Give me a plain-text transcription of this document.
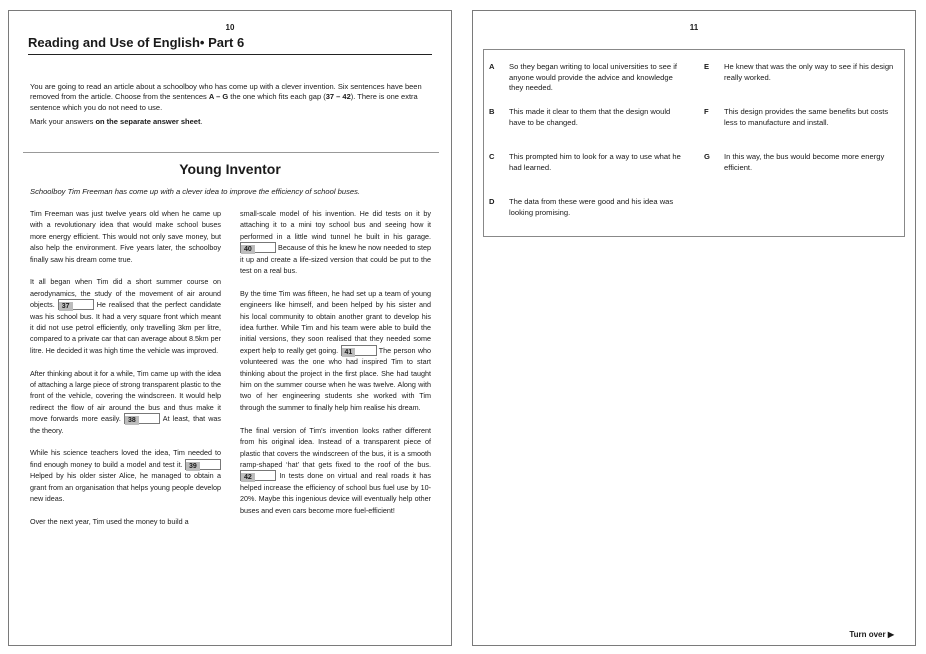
10
Reading and Use of English• Part 6

You are going to read an article about a schoolboy who has come up with a clever invention. Six sentences have been removed from the article. Choose from the sentences A – G the one which fits each gap (37 – 42). There is one extra sentence which you do not need to use.

Mark your answers on the separate answer sheet.

Young Inventor
Schoolboy Tim Freeman has come up with a clever idea to improve the efficiency of school buses.

Tim Freeman was just twelve years old when he came up with a revolutionary idea that would make school buses more energy efficient. This would not only save money, but also help the environment. Five years later, the schoolboy finally saw his dream come true.

It all began when Tim did a short summer course on aerodynamics, the study of the movement of air around objects. 37	He realised that the perfect candidate was his school bus. It had a very square front which meant it did not use petrol efficiently, only travelling 3km per litre, compared to a private car that can average about 8.5km per litre. He decided it was high time the vehicle was improved.

After thinking about it for a while, Tim came up with the idea of attaching a large piece of strong transparent plastic to the front of the vehicle, covering the windscreen. It would help redirect the flow of air around the bus and thus make it move forwards more easily. 38	At least, that was the theory.

While his science teachers loved the idea, Tim needed to find enough money to build a model and test it. 39 Helped by his older sister Alice, he managed to obtain a grant from an organisation that helps young people develop new ideas.

Over the next year, Tim used the money to build a

small-scale model of his invention. He did tests on it by attaching it to a mini toy school bus and seeing how it performed in a little wind tunnel he built in his garage. 40	Because of this he knew he now needed to step it up and create a life-sized version that could be put to the test on a real bus.

By the time Tim was fifteen, he had set up a team of young engineers like himself, and been helped by his sister and his local community to obtain another grant to develop his idea further. While Tim and his team were able to build the initial versions, they soon realised that they needed some expert help to really get going. 41	The person who volunteered was the one who had inspired Tim to start thinking about the project in the first place. She had taught him on the summer course when he was twelve. Along with two of her engineering students she worked with Tim through the summer to finally help him realise his dream.

The final version of Tim's invention looks rather different from his original idea. Instead of a transparent piece of plastic that covers the windscreen of the bus, it is a smooth ramp-shaped ‘hat’ that gets fixed to the roof of the bus. 42	In tests done on virtual and real roads it has helped increase the efficiency of school bus fuel use by 10-20%. Maybe this ingenious device will eventually help other buses and even cars become more fuel-efficient!

11
A So they began writing to local universities to see if anyone would provide the advice and knowledge they needed.
B This made it clear to them that the design would have to be changed.
C This prompted him to look for a way to use what he had learned.
D The data from these were good and his idea was looking promising.
E He knew that was the only way to see if his design really worked.
F This design provides the same benefits but costs less to manufacture and install.
G In this way, the bus would become more energy efficient.
Turn over ▶
